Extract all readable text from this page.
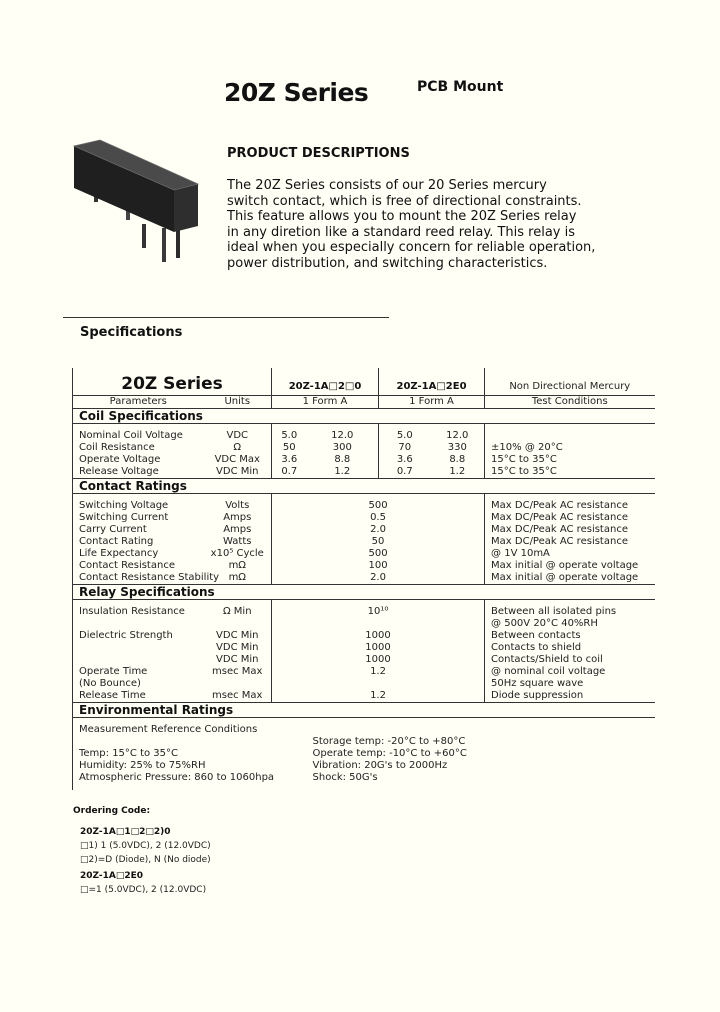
20Z Series	PCB Mount
PRODUCT DESCRIPTIONS
The 20Z Series consists of our 20 Series mercury
switch contact, which is free of directional constraints.
This feature allows you to mount the 20Z Series relay
in any diretion like a standard reed relay. This relay is
ideal when you especially concern for reliable operation,
power distribution, and switching characteristics.
Specifications
20Z Series		20Z-1A□2□0		20Z-1A□2E0		Non Directional Mercury
Parameters	Units	1 Form A		1 Form A		Test Conditions
Coil Specifications						

Nominal Coil Voltage	VDC	5.0	12.0	5.0	12.0	
Coil Resistance	Ω	50	300	70	330	±10% @ 20°C
Operate Voltage	VDC Max	3.6	8.8	3.6	8.8	15°C to 35°C
Release Voltage	VDC Min	0.7	1.2	0.7	1.2	15°C to 35°C
Contact Ratings						

Switching Voltage	Volts	500				Max DC/Peak AC resistance
Switching Current	Amps	0.5				Max DC/Peak AC resistance
Carry Current	Amps	2.0				Max DC/Peak AC resistance
Contact Rating	Watts	50				Max DC/Peak AC resistance
Life Expectancy	x10⁵ Cycle	500				@ 1V 10mA
Contact Resistance	mΩ	100				Max initial @ operate voltage
Contact Resistance Stability	mΩ	2.0				Max initial @ operate voltage
Relay Specifications						

Insulation Resistance	Ω Min	10¹⁰				Between all isolated pins
						@ 500V 20°C 40%RH
Dielectric Strength	VDC Min	1000				Between contacts
	VDC Min	1000				Contacts to shield
	VDC Min	1000				Contacts/Shield to coil
Operate Time	msec Max	1.2				@ nominal coil voltage
(No Bounce)						50Hz square wave
Release Time	msec Max	1.2				Diode suppression
Environmental Ratings						

Measurement Reference Conditions						
			Storage temp: -20°C to +80°C			
Temp: 15°C to 35°C			Operate temp: -10°C to +60°C			
Humidity: 25% to 75%RH			Vibration: 20G's to 2000Hz			
Atmospheric Pressure: 860 to 1060hpa			Shock: 50G's			

Ordering Code:
20Z-1A□1□2□2)0
□1) 1 (5.0VDC), 2 (12.0VDC)
□2)=D (Diode), N (No diode)
20Z-1A□2E0
□=1 (5.0VDC), 2 (12.0VDC)
